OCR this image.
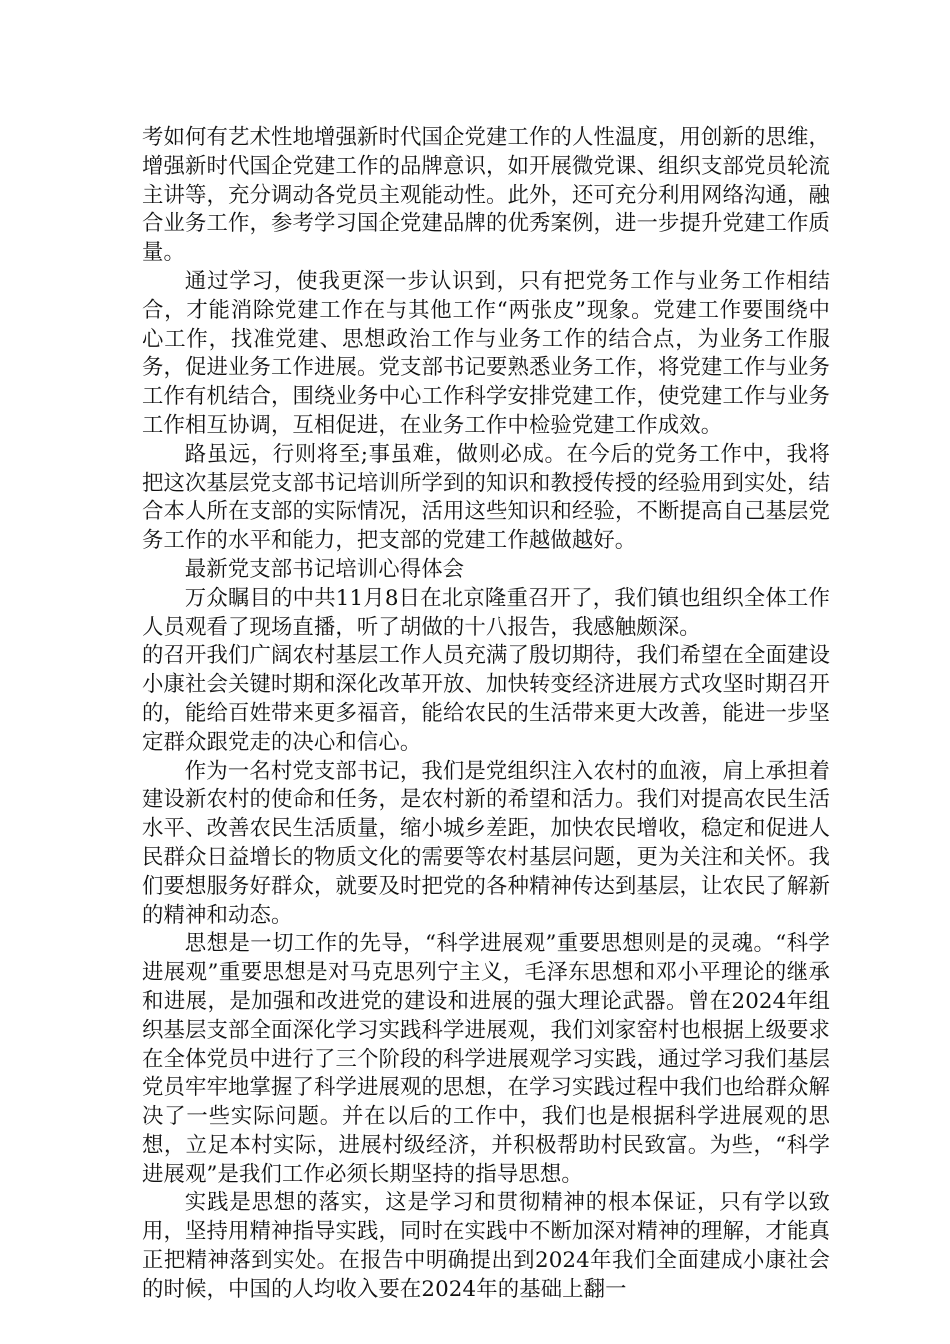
考如何有艺术性地增强新时代国企党建工作的人性温度，用创新的思维，增强新时代国企党建工作的品牌意识，如开展微党课、组织支部党员轮流主讲等，充分调动各党员主观能动性。此外，还可充分利用网络沟通，融合业务工作，参考学习国企党建品牌的优秀案例，进一步提升党建工作质量。

通过学习，使我更深一步认识到，只有把党务工作与业务工作相结合，才能消除党建工作在与其他工作“两张皮”现象。党建工作要围绕中心工作，找准党建、思想政治工作与业务工作的结合点，为业务工作服务，促进业务工作进展。党支部书记要熟悉业务工作，将党建工作与业务工作有机结合，围绕业务中心工作科学安排党建工作，使党建工作与业务工作相互协调，互相促进，在业务工作中检验党建工作成效。

路虽远，行则将至;事虽难，做则必成。在今后的党务工作中，我将把这次基层党支部书记培训所学到的知识和教授传授的经验用到实处，结合本人所在支部的实际情况，活用这些知识和经验，不断提高自己基层党务工作的水平和能力，把支部的党建工作越做越好。

最新党支部书记培训心得体会

万众瞩目的中共11月8日在北京隆重召开了，我们镇也组织全体工作人员观看了现场直播，听了胡做的十八报告，我感触颇深。

的召开我们广阔农村基层工作人员充满了殷切期待，我们希望在全面建设小康社会关键时期和深化改革开放、加快转变经济进展方式攻坚时期召开的，能给百姓带来更多福音，能给农民的生活带来更大改善，能进一步坚定群众跟党走的决心和信心。

作为一名村党支部书记，我们是党组织注入农村的血液，肩上承担着建设新农村的使命和任务，是农村新的希望和活力。我们对提高农民生活水平、改善农民生活质量，缩小城乡差距，加快农民增收，稳定和促进人民群众日益增长的物质文化的需要等农村基层问题，更为关注和关怀。我们要想服务好群众，就要及时把党的各种精神传达到基层，让农民了解新的精神和动态。

思想是一切工作的先导，“科学进展观”重要思想则是的灵魂。“科学进展观”重要思想是对马克思列宁主义，毛泽东思想和邓小平理论的继承和进展，是加强和改进党的建设和进展的强大理论武器。曾在2024年组织基层支部全面深化学习实践科学进展观，我们刘家窑村也根据上级要求在全体党员中进行了三个阶段的科学进展观学习实践，通过学习我们基层党员牢牢地掌握了科学进展观的思想，在学习实践过程中我们也给群众解决了一些实际问题。并在以后的工作中，我们也是根据科学进展观的思想，立足本村实际，进展村级经济，并积极帮助村民致富。为些，“科学进展观”是我们工作必须长期坚持的指导思想。

实践是思想的落实，这是学习和贯彻精神的根本保证，只有学以致用，坚持用精神指导实践，同时在实践中不断加深对精神的理解，才能真正把精神落到实处。在报告中明确提出到2024年我们全面建成小康社会的时候，中国的人均收入要在2024年的基础上翻一
